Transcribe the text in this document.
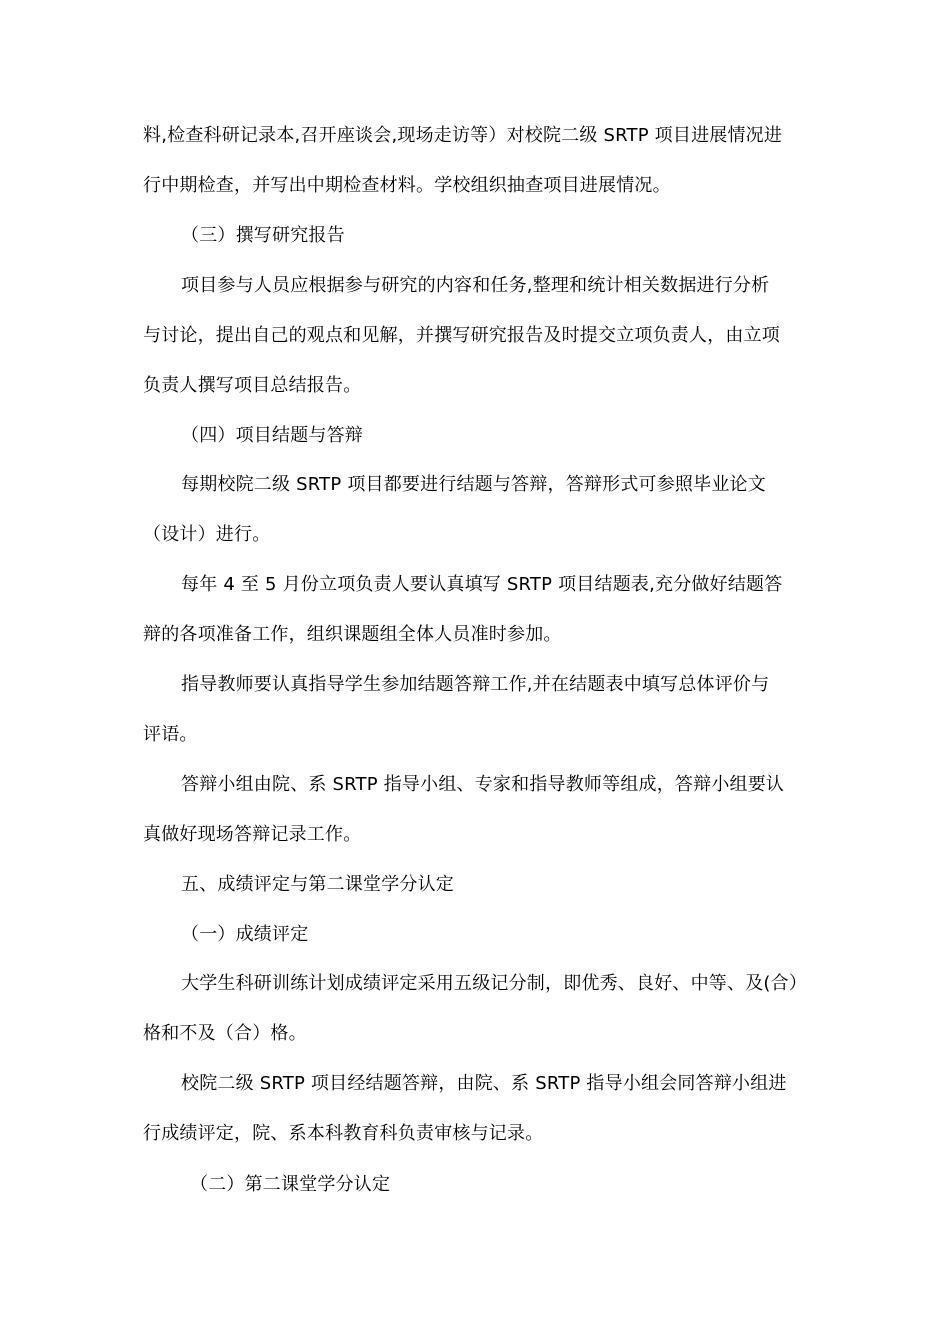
料,检查科研记录本,召开座谈会,现场走访等）对校院二级 SRTP 项目进展情况进
行中期检查，并写出中期检查材料。学校组织抽查项目进展情况。
（三）撰写研究报告
项目参与人员应根据参与研究的内容和任务,整理和统计相关数据进行分析
与讨论，提出自己的观点和见解，并撰写研究报告及时提交立项负责人，由立项
负责人撰写项目总结报告。
（四）项目结题与答辩
每期校院二级 SRTP 项目都要进行结题与答辩，答辩形式可参照毕业论文
（设计）进行。
每年 4 至 5 月份立项负责人要认真填写 SRTP 项目结题表,充分做好结题答
辩的各项准备工作，组织课题组全体人员准时参加。
指导教师要认真指导学生参加结题答辩工作,并在结题表中填写总体评价与
评语。
答辩小组由院、系 SRTP 指导小组、专家和指导教师等组成，答辩小组要认
真做好现场答辩记录工作。
五、成绩评定与第二课堂学分认定
（一）成绩评定
大学生科研训练计划成绩评定采用五级记分制，即优秀、良好、中等、及(合）
格和不及（合）格。
校院二级 SRTP 项目经结题答辩，由院、系 SRTP 指导小组会同答辩小组进
行成绩评定，院、系本科教育科负责审核与记录。
（二）第二课堂学分认定
